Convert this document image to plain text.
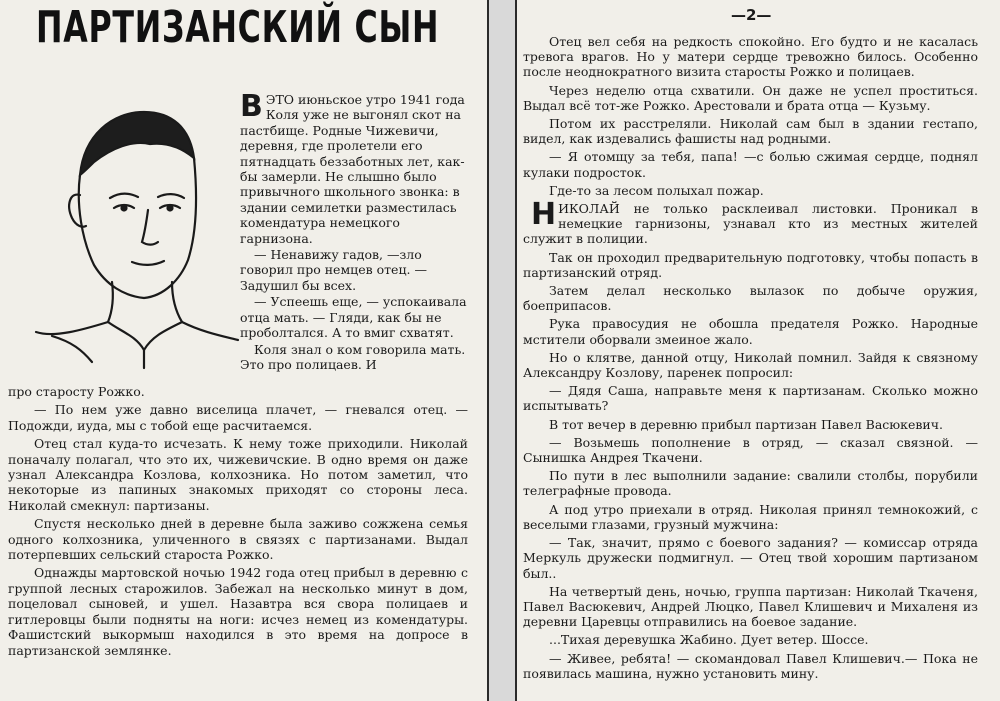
ПАРТИЗАНСКИЙ СЫН

ВЭТО июньское утро 1941 года Коля уже не выгонял скот на пастбище. Родные Чижевичи, деревня, где пролетели его пятнадцать беззаботных лет, как-бы замерли. Не слышно было привычного школьного звонка: в здании семилетки разместилась комендатура немецкого гарнизона.

— Ненавижу гадов, —зло говорил про немцев отец. — Задушил бы всех.

— Успеешь еще, — успокаивала отца мать. — Гляди, как бы не проболтался. А то вмиг схватят.

Коля знал о ком говорила мать. Это про полицаев. И

про старосту Рожко.

— По нем уже давно виселица плачет, — гневался отец. — Подожди, иуда, мы с тобой еще расчитаемся.

Отец стал куда-то исчезать. К нему тоже приходили. Николай поначалу полагал, что это их, чижевичские. В одно время он даже узнал Александра Козлова, колхозника. Но потом заметил, что некоторые из папиных знакомых приходят со стороны леса. Николай смекнул: партизаны.

Спустя несколько дней в деревне была заживо сожжена семья одного колхозника, уличенного в связях с партизанами. Выдал потерпевших сельский староста Рожко.

Однажды мартовской ночью 1942 года отец прибыл в деревню с группой лесных старожилов. Забежал на несколько минут в дом, поцеловал сыновей, и ушел. Назавтра вся свора полицаев и гитлеровцы были подняты на ноги: исчез немец из комендатуры. Фашистский выкормыш находился в это время на допросе в партизанской землянке.

—2—

Отец вел себя на редкость спокойно. Его будто и не касалась тревога врагов. Но у матери сердце тревожно билось. Особенно после неоднократного визита старосты Рожко и полицаев.

Через неделю отца схватили. Он даже не успел проститься. Выдал всё тот-же Рожко. Арестовали и брата отца — Кузьму.

Потом их расстреляли. Николай сам был в здании гестапо, видел, как издевались фашисты над родными.

— Я отомщу за тебя, папа! —с болью сжимая сердце, поднял кулаки подросток.

Где-то за лесом полыхал пожар.

НИКОЛАЙ не только расклеивал листовки. Проникал в немецкие гарнизоны, узнавал кто из местных жителей служит в полиции.

Так он проходил предварительную подготовку, чтобы попасть в партизанский отряд.

Затем делал несколько вылазок по добыче оружия, боеприпасов.

Рука правосудия не обошла предателя Рожко. Народные мстители оборвали змеиное жало.

Но о клятве, данной отцу, Николай помнил. Зайдя к связному Александру Козлову, паренек попросил:

— Дядя Саша, направьте меня к партизанам. Сколько можно испытывать?

В тот вечер в деревню прибыл партизан Павел Васюкевич.

— Возьмешь пополнение в отряд, — сказал связной. — Сынишка Андрея Ткачени.

По пути в лес выполнили задание: свалили столбы, порубили телеграфные провода.

А под утро приехали в отряд. Николая принял темнокожий, с веселыми глазами, грузный мужчина:

— Так, значит, прямо с боевого задания? — комиссар отряда Меркуль дружески подмигнул. — Отец твой хорошим партизаном был..

На четвертый день, ночью, группа партизан: Николай Ткаченя, Павел Васюкевич, Андрей Люцко, Павел Клишевич и Михаленя из деревни Царевцы отправились на боевое задание.

...Тихая деревушка Жабино. Дует ветер. Шоссе.

— Живее, ребята! — скомандовал Павел Клишевич.— Пока не появилась машина, нужно установить мину.
